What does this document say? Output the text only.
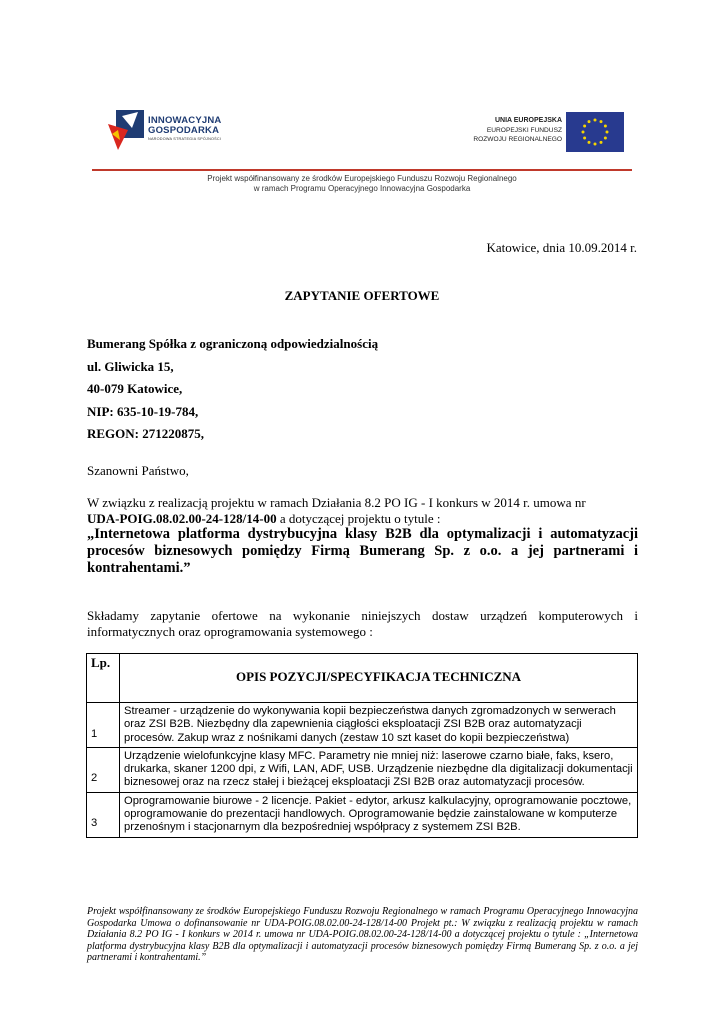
INNOWACYJNA
GOSPODARKA
NARODOWA STRATEGIA SPÓJNOŚCI
UNIA EUROPEJSKA
EUROPEJSKI FUNDUSZ
ROZWOJU REGIONALNEGO
Projekt współfinansowany ze środków Europejskiego Funduszu Rozwoju Regionalnego
w ramach Programu Operacyjnego Innowacyjna Gospodarka
Katowice, dnia 10.09.2014 r.
ZAPYTANIE OFERTOWE
Bumerang Spółka z ograniczoną odpowiedzialnością
ul. Gliwicka 15,
40-079 Katowice,
NIP: 635-10-19-784,
REGON: 271220875,
Szanowni Państwo,
W związku z realizacją projektu w ramach Działania 8.2 PO IG - I konkurs w 2014 r. umowa nr
UDA-POIG.08.02.00-24-128/14-00 a dotyczącej projektu o tytule :
„Internetowa platforma dystrybucyjna klasy B2B dla optymalizacji i automatyzacji procesów biznesowych pomiędzy Firmą Bumerang Sp. z o.o. a jej partnerami i kontrahentami.”
Składamy zapytanie ofertowe na wykonanie niniejszych dostaw urządzeń komputerowych i informatycznych oraz oprogramowania systemowego :
Lp.	OPIS POZYCJI/SPECYFIKACJA TECHNICZNA
1	Streamer - urządzenie do wykonywania kopii bezpieczeństwa danych zgromadzonych w serwerach oraz ZSI B2B. Niezbędny dla zapewnienia ciągłości eksploatacji ZSI B2B oraz automatyzacji procesów. Zakup wraz z nośnikami danych (zestaw 10 szt kaset do kopii bezpieczeństwa)
2	Urządzenie wielofunkcyjne klasy MFC. Parametry nie mniej niż: laserowe czarno białe, faks, ksero, drukarka, skaner 1200 dpi, z Wifi, LAN, ADF, USB. Urządzenie niezbędne dla digitalizacji dokumentacji biznesowej oraz na rzecz stałej i bieżącej eksploatacji ZSI B2B oraz automatyzacji procesów.
3	Oprogramowanie biurowe - 2 licencje. Pakiet - edytor, arkusz kalkulacyjny, oprogramowanie pocztowe, oprogramowanie do prezentacji handlowych. Oprogramowanie będzie zainstalowane w komputerze przenośnym i stacjonarnym dla bezpośredniej współpracy z systemem ZSI B2B.
Projekt współfinansowany ze środków Europejskiego Funduszu Rozwoju Regionalnego w ramach Programu Operacyjnego Innowacyjna Gospodarka Umowa o dofinansowanie nr UDA-POIG.08.02.00-24-128/14-00 Projekt pt.: W związku z realizacją projektu w ramach Działania 8.2 PO IG - I konkurs w 2014 r. umowa nr UDA-POIG.08.02.00-24-128/14-00 a dotyczącej projektu o tytule : „Internetowa platforma dystrybucyjna klasy B2B dla optymalizacji i automatyzacji procesów biznesowych pomiędzy Firmą Bumerang Sp. z o.o. a jej partnerami i kontrahentami.”
